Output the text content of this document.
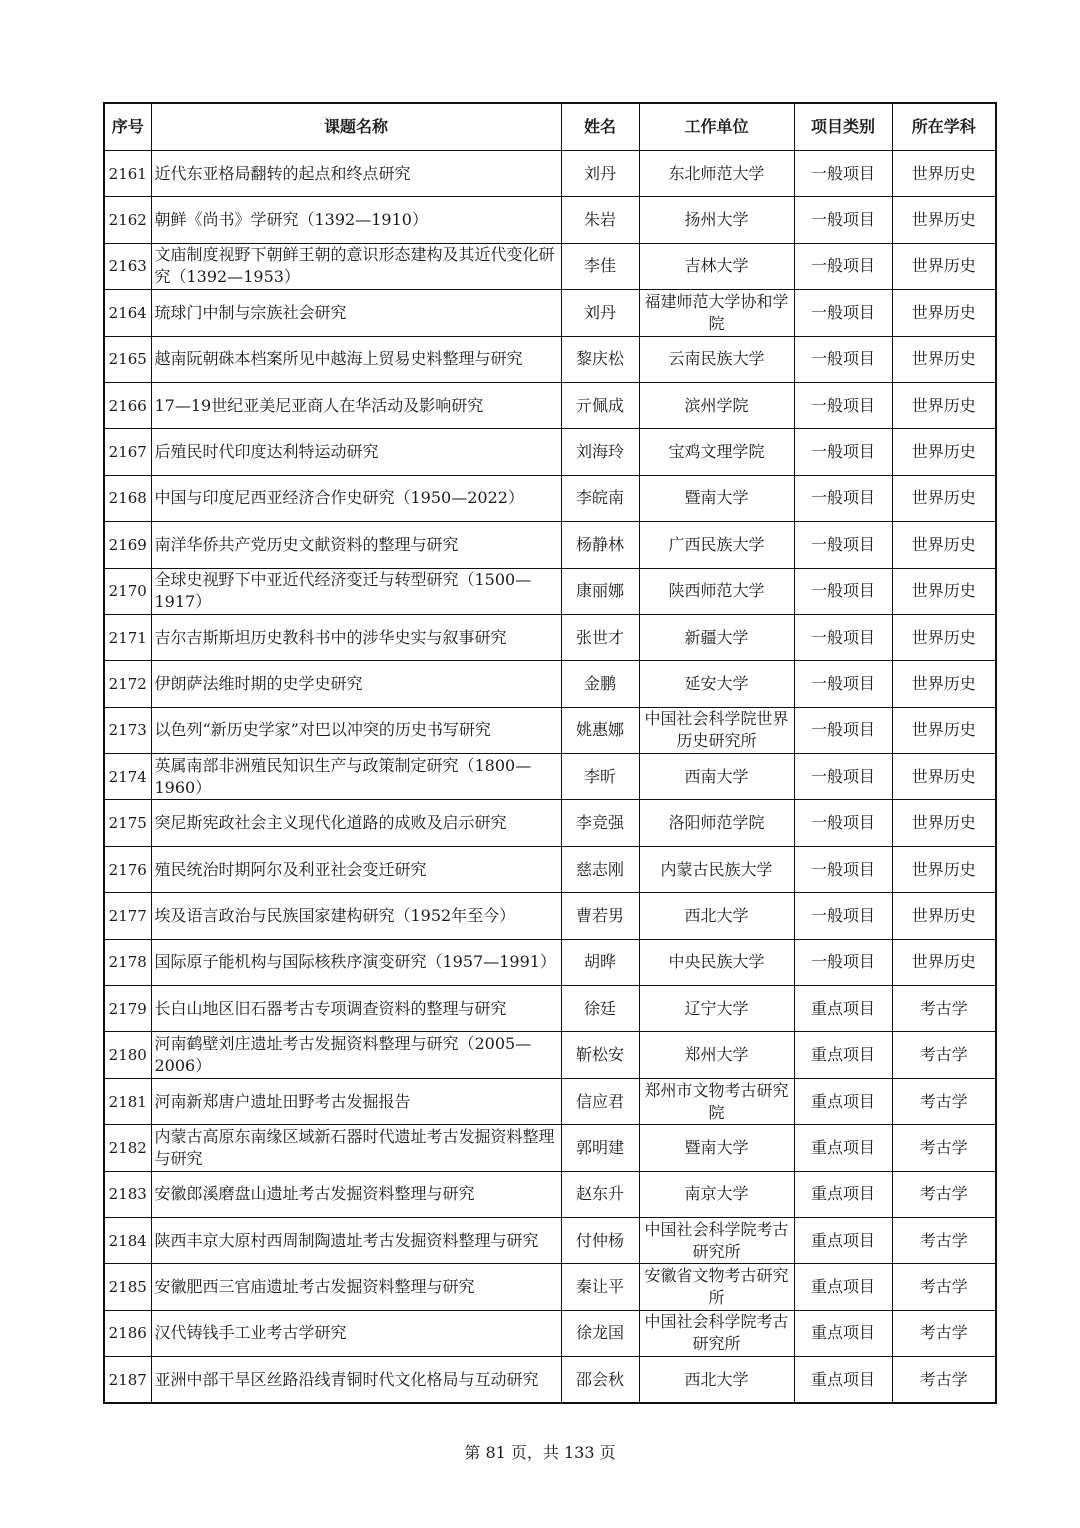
序号	课题名称	姓名	工作单位	项目类别	所在学科
2161	近代东亚格局翻转的起点和终点研究	刘丹	东北师范大学	一般项目	世界历史
2162	朝鲜《尚书》学研究（1392—1910）	朱岩	扬州大学	一般项目	世界历史
2163	文庙制度视野下朝鲜王朝的意识形态建构及其近代变化研究（1392—1953）	李佳	吉林大学	一般项目	世界历史
2164	琉球门中制与宗族社会研究	刘丹	福建师范大学协和学院	一般项目	世界历史
2165	越南阮朝硃本档案所见中越海上贸易史料整理与研究	黎庆松	云南民族大学	一般项目	世界历史
2166	17—19世纪亚美尼亚商人在华活动及影响研究	亓佩成	滨州学院	一般项目	世界历史
2167	后殖民时代印度达利特运动研究	刘海玲	宝鸡文理学院	一般项目	世界历史
2168	中国与印度尼西亚经济合作史研究（1950—2022）	李皖南	暨南大学	一般项目	世界历史
2169	南洋华侨共产党历史文献资料的整理与研究	杨静林	广西民族大学	一般项目	世界历史
2170	全球史视野下中亚近代经济变迁与转型研究（1500—1917）	康丽娜	陕西师范大学	一般项目	世界历史
2171	吉尔吉斯斯坦历史教科书中的涉华史实与叙事研究	张世才	新疆大学	一般项目	世界历史
2172	伊朗萨法维时期的史学史研究	金鹏	延安大学	一般项目	世界历史
2173	以色列“新历史学家”对巴以冲突的历史书写研究	姚惠娜	中国社会科学院世界历史研究所	一般项目	世界历史
2174	英属南部非洲殖民知识生产与政策制定研究（1800—1960）	李昕	西南大学	一般项目	世界历史
2175	突尼斯宪政社会主义现代化道路的成败及启示研究	李竞强	洛阳师范学院	一般项目	世界历史
2176	殖民统治时期阿尔及利亚社会变迁研究	慈志刚	内蒙古民族大学	一般项目	世界历史
2177	埃及语言政治与民族国家建构研究（1952年至今）	曹若男	西北大学	一般项目	世界历史
2178	国际原子能机构与国际核秩序演变研究（1957—1991）	胡晔	中央民族大学	一般项目	世界历史
2179	长白山地区旧石器考古专项调查资料的整理与研究	徐廷	辽宁大学	重点项目	考古学
2180	河南鹤壁刘庄遗址考古发掘资料整理与研究（2005—2006）	靳松安	郑州大学	重点项目	考古学
2181	河南新郑唐户遗址田野考古发掘报告	信应君	郑州市文物考古研究院	重点项目	考古学
2182	内蒙古高原东南缘区域新石器时代遗址考古发掘资料整理与研究	郭明建	暨南大学	重点项目	考古学
2183	安徽郎溪磨盘山遗址考古发掘资料整理与研究	赵东升	南京大学	重点项目	考古学
2184	陕西丰京大原村西周制陶遗址考古发掘资料整理与研究	付仲杨	中国社会科学院考古研究所	重点项目	考古学
2185	安徽肥西三官庙遗址考古发掘资料整理与研究	秦让平	安徽省文物考古研究所	重点项目	考古学
2186	汉代铸钱手工业考古学研究	徐龙国	中国社会科学院考古研究所	重点项目	考古学
2187	亚洲中部干旱区丝路沿线青铜时代文化格局与互动研究	邵会秋	西北大学	重点项目	考古学
第 81 页，共 133 页
